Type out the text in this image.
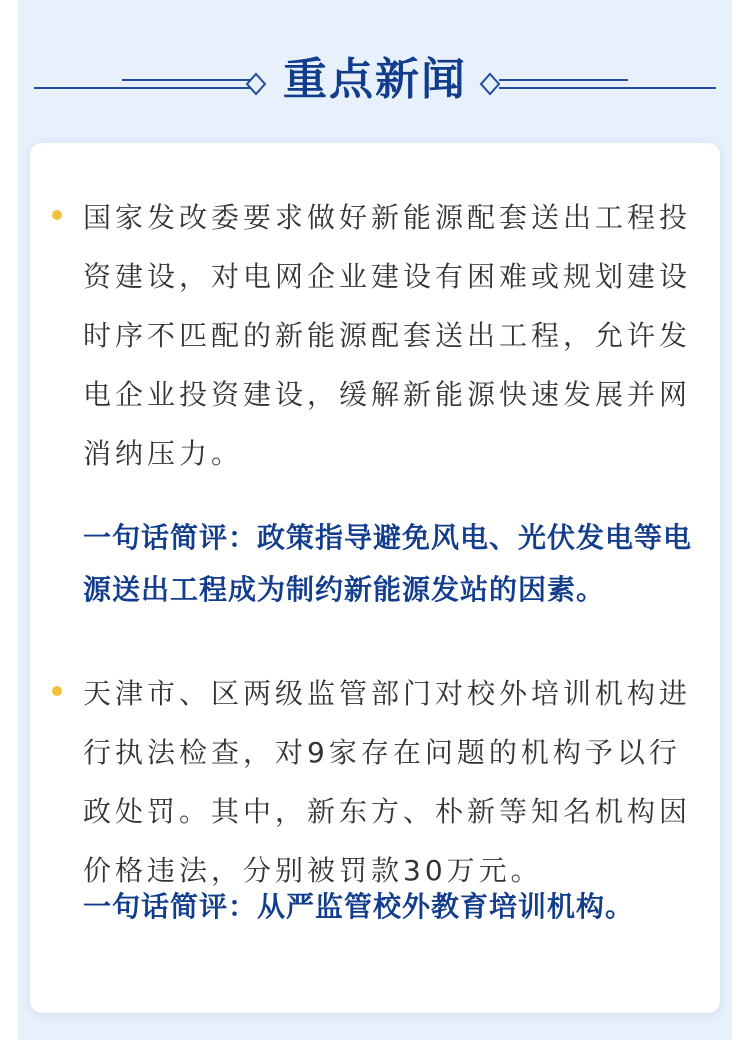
重点新闻

国家发改委要求做好新能源配套送出工程投资建设，对电网企业建设有困难或规划建设时序不匹配的新能源配套送出工程，允许发电企业投资建设，缓解新能源快速发展并网消纳压力。

一句话简评：政策指导避免风电、光伏发电等电源送出工程成为制约新能源发站的因素。

天津市、区两级监管部门对校外培训机构进行执法检查，对9家存在问题的机构予以行政处罚。其中，新东方、朴新等知名机构因价格违法，分别被罚款30万元。

一句话简评：从严监管校外教育培训机构。
